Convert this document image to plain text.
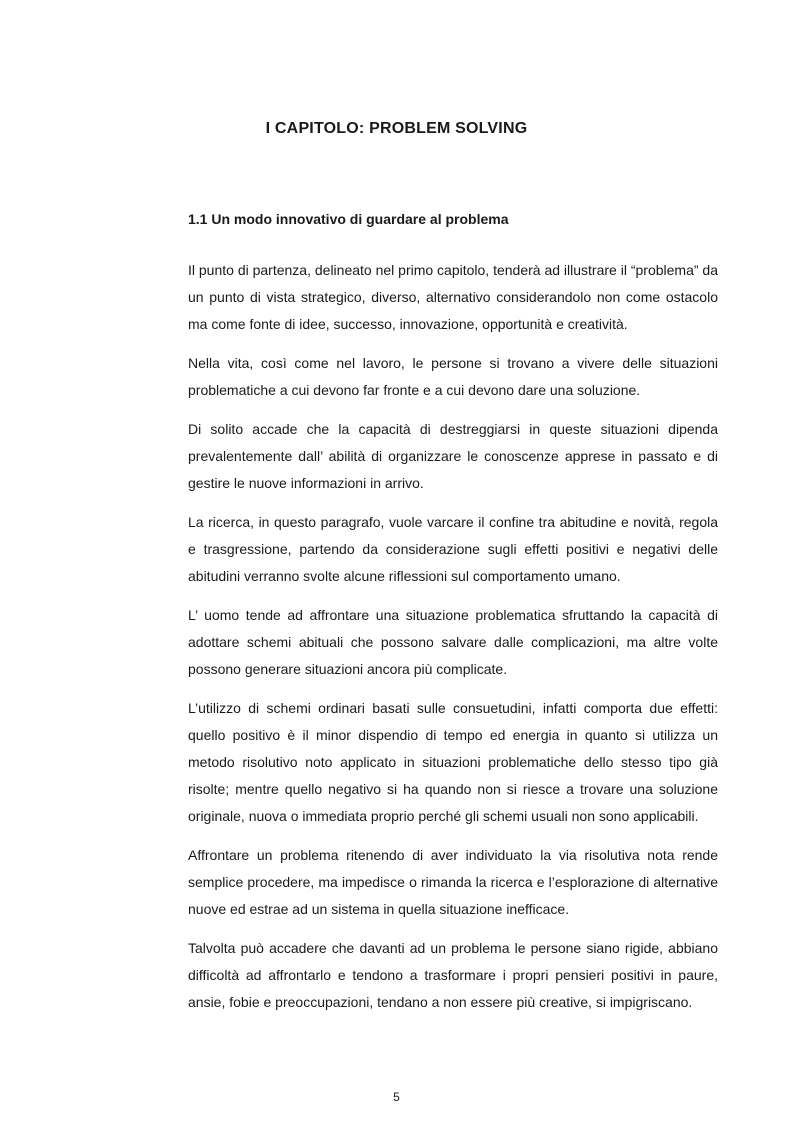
I CAPITOLO: PROBLEM SOLVING
1.1 Un modo innovativo di guardare al problema

Il punto di partenza, delineato nel primo capitolo, tenderà ad illustrare il “problema” da un punto di vista strategico, diverso, alternativo considerandolo non come ostacolo ma come fonte di idee, successo, innovazione, opportunità e creatività.

Nella vita, così come nel lavoro, le persone si trovano a vivere delle situazioni problematiche a cui devono far fronte e a cui devono dare una soluzione.

Di solito accade che la capacità di destreggiarsi in queste situazioni dipenda prevalentemente dall’ abilità di organizzare le conoscenze apprese in passato e di gestire le nuove informazioni in arrivo.

La ricerca, in questo paragrafo, vuole varcare il confine tra abitudine e novità, regola e trasgressione, partendo da considerazione sugli effetti positivi e negativi delle abitudini verranno svolte alcune riflessioni sul comportamento umano.

L’ uomo tende ad affrontare una situazione problematica sfruttando la capacità di adottare schemi abituali che possono salvare dalle complicazioni, ma altre volte possono generare situazioni ancora più complicate.

L’utilizzo di schemi ordinari basati sulle consuetudini, infatti comporta due effetti: quello positivo è il minor dispendio di tempo ed energia in quanto si utilizza un metodo risolutivo noto applicato in situazioni problematiche dello stesso tipo già risolte; mentre quello negativo si ha quando non si riesce a trovare una soluzione originale, nuova o immediata proprio perché gli schemi usuali non sono applicabili.

Affrontare un problema ritenendo di aver individuato la via risolutiva nota rende semplice procedere, ma impedisce o rimanda la ricerca e l’esplorazione di alternative nuove ed estrae ad un sistema in quella situazione inefficace.

Talvolta può accadere che davanti ad un problema le persone siano rigide, abbiano difficoltà ad affrontarlo e tendono a trasformare i propri pensieri positivi in paure, ansie, fobie e preoccupazioni, tendano a non essere più creative, si impigriscano.

5
